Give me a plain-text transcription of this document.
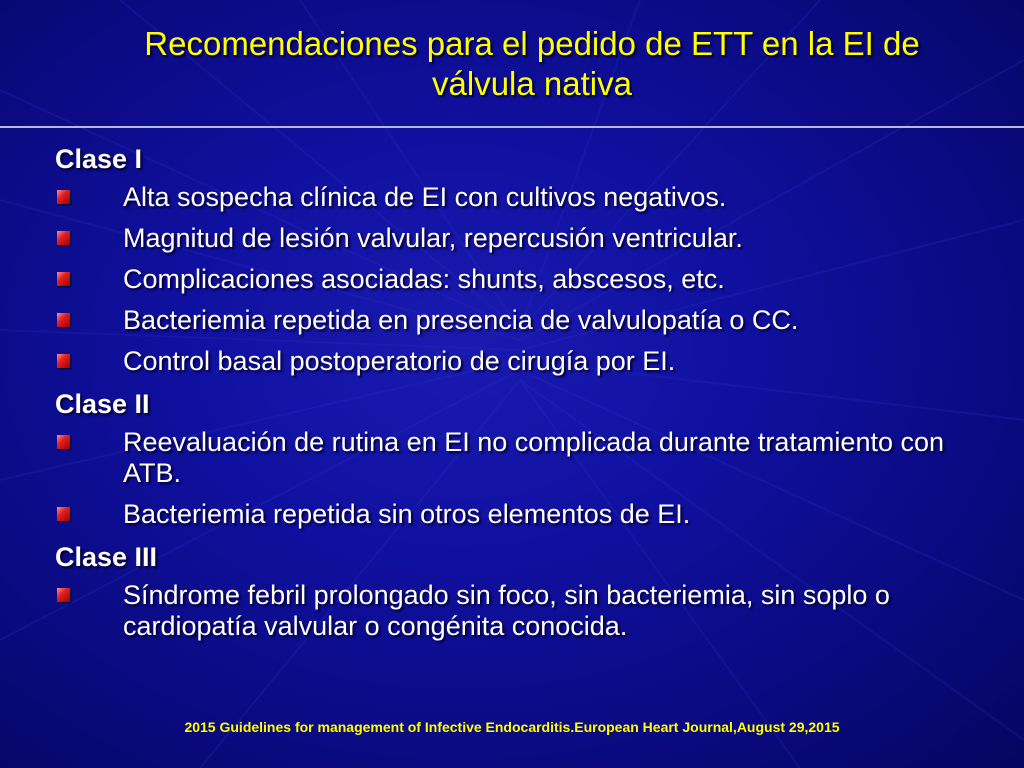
Recomendaciones para el pedido de ETT en la EI de
válvula nativa
Clase I
Alta sospecha clínica de EI con cultivos negativos.
Magnitud de lesión valvular, repercusión ventricular.
Complicaciones asociadas: shunts, abscesos, etc.
Bacteriemia repetida en presencia de valvulopatía o CC.
Control basal postoperatorio de cirugía por EI.
Clase II
Reevaluación de rutina en EI no complicada durante tratamiento con ATB.
Bacteriemia repetida sin otros elementos de EI.
Clase III
Síndrome febril prolongado sin foco, sin bacteriemia, sin soplo o cardiopatía valvular o congénita conocida.
2015 Guidelines for management of Infective Endocarditis.European Heart Journal,August 29,2015
